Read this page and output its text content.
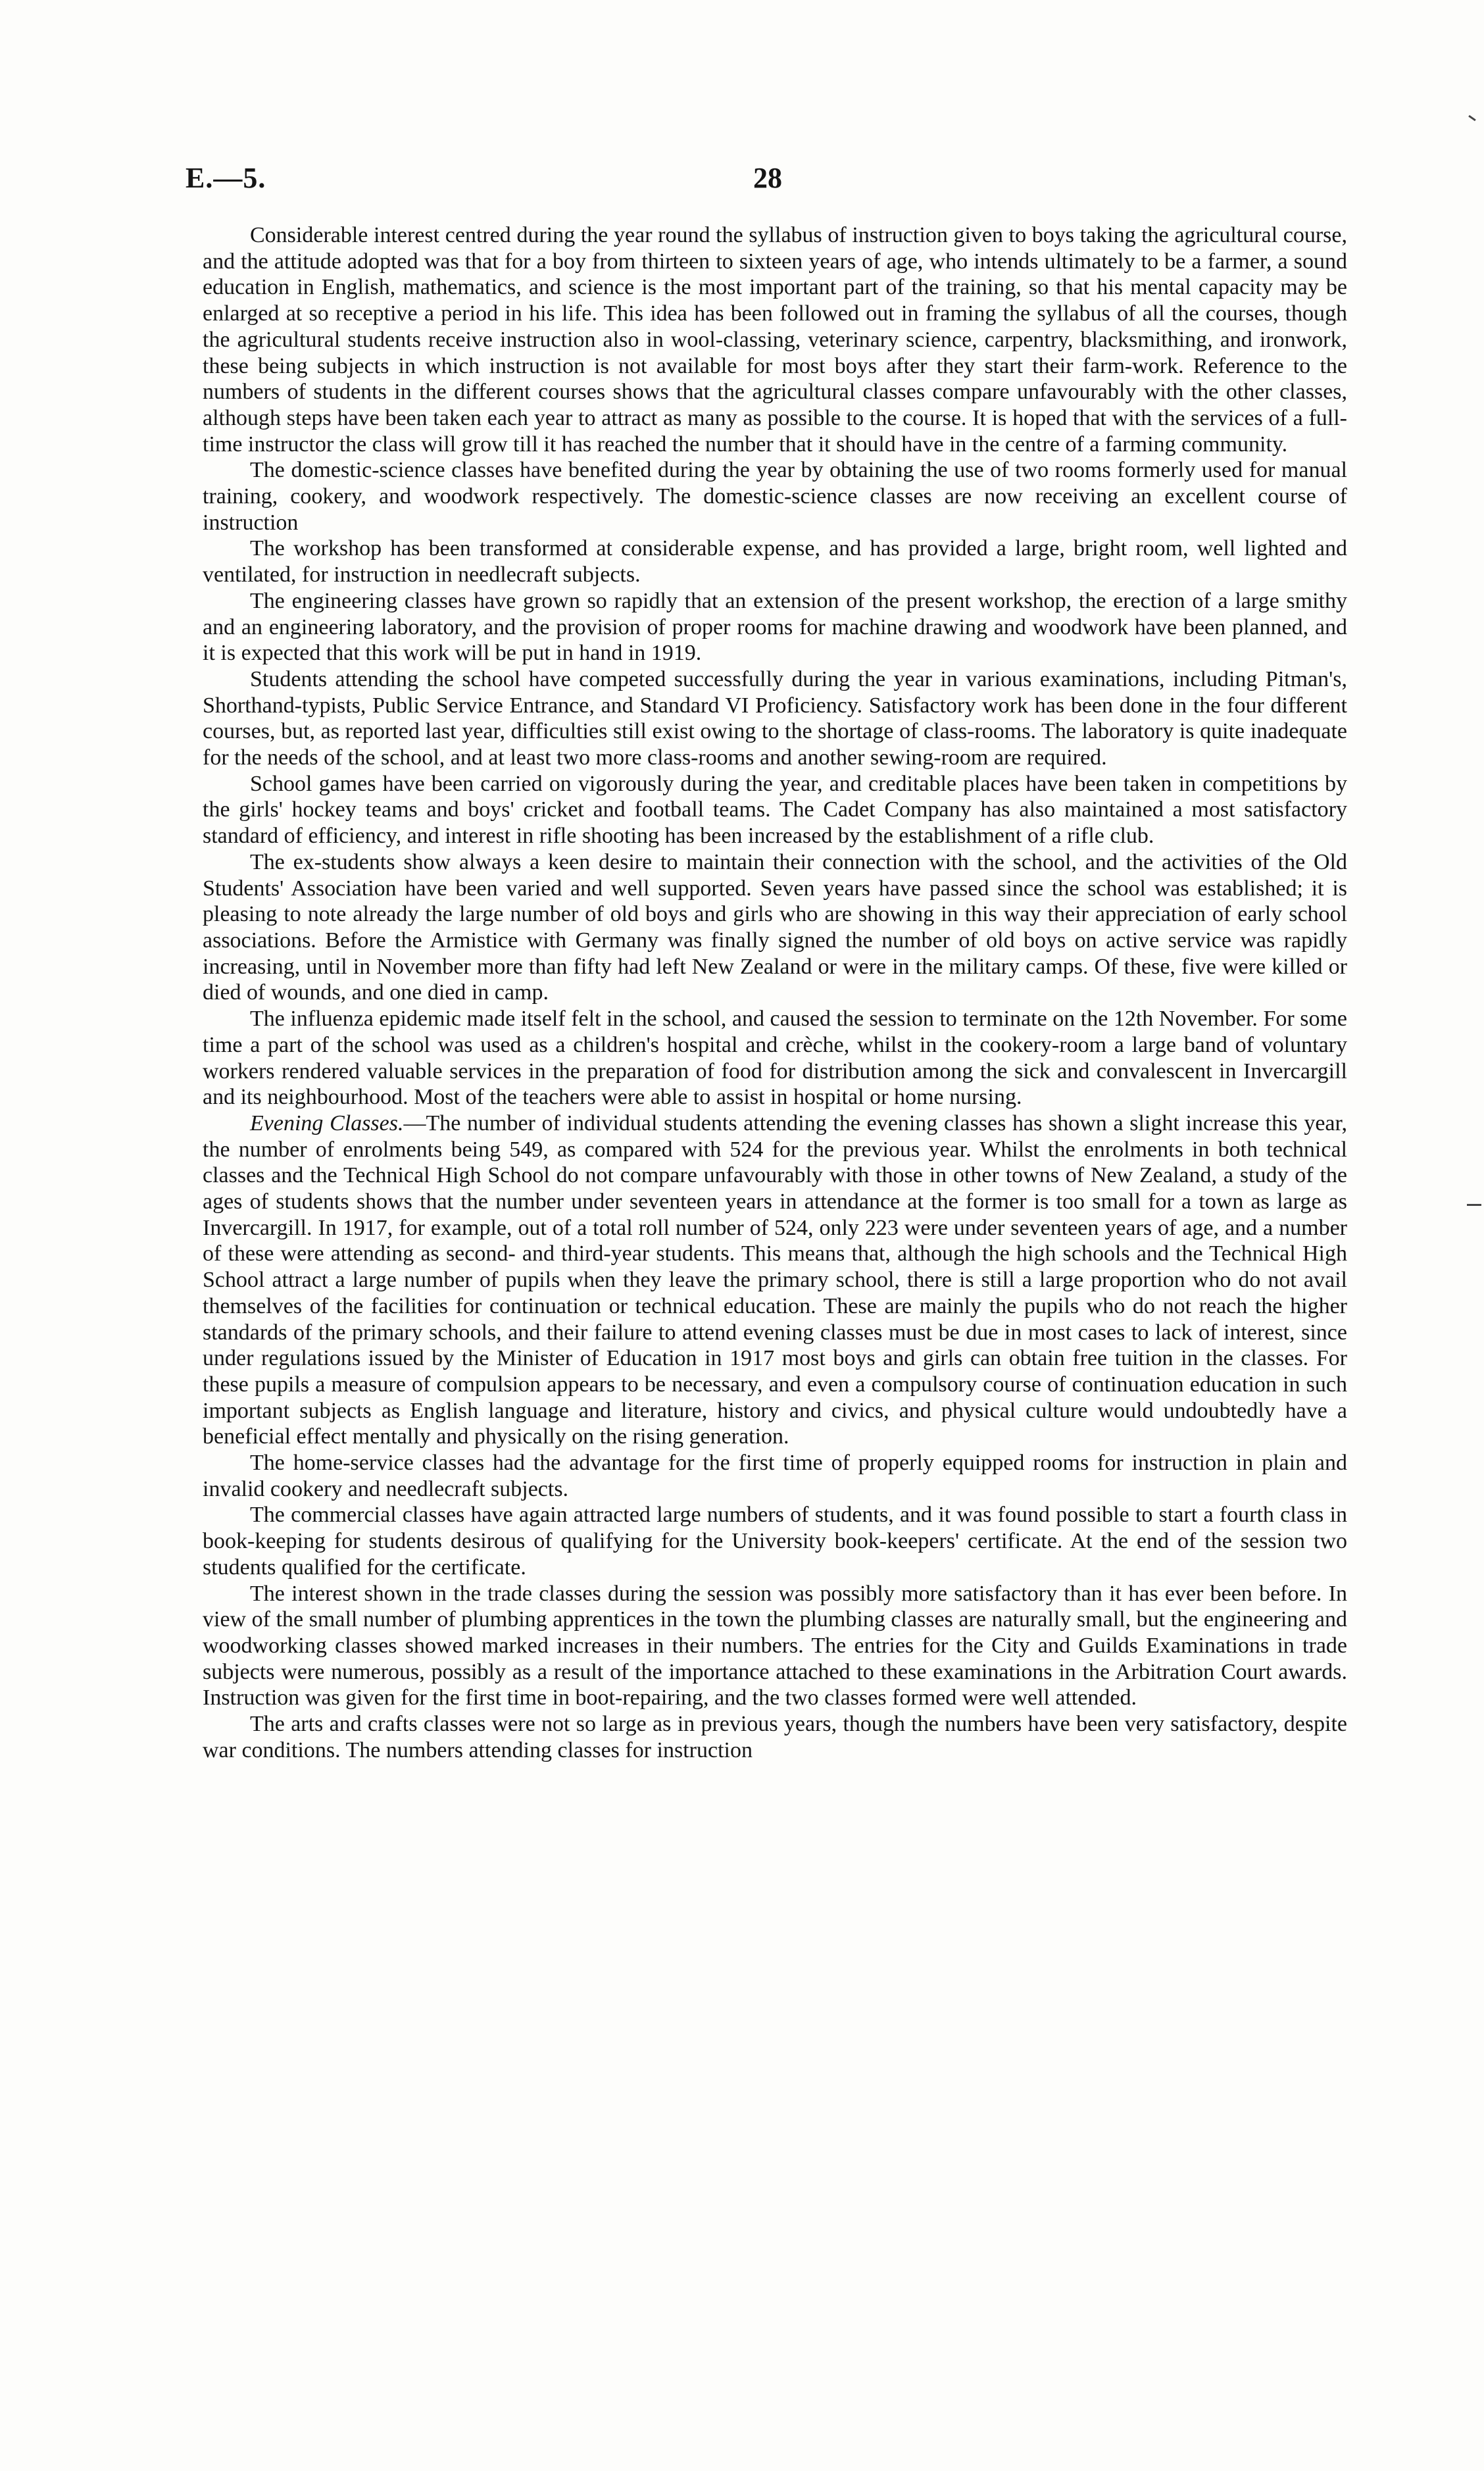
E.—5.	28

Considerable interest centred during the year round the syllabus of instruction given to boys taking the agricultural course, and the attitude adopted was that for a boy from thirteen to sixteen years of age, who intends ultimately to be a farmer, a sound education in English, mathematics, and science is the most important part of the training, so that his mental capacity may be enlarged at so receptive a period in his life. This idea has been followed out in framing the syllabus of all the courses, though the agricultural students receive instruction also in wool-classing, veterinary science, carpentry, blacksmithing, and ironwork, these being subjects in which instruction is not available for most boys after they start their farm-work. Reference to the numbers of students in the different courses shows that the agricultural classes compare unfavourably with the other classes, although steps have been taken each year to attract as many as possible to the course. It is hoped that with the services of a full-time instructor the class will grow till it has reached the number that it should have in the centre of a farming community.

The domestic-science classes have benefited during the year by obtaining the use of two rooms formerly used for manual training, cookery, and woodwork respectively. The domestic-science classes are now receiving an excellent course of instruction

The workshop has been transformed at considerable expense, and has provided a large, bright room, well lighted and ventilated, for instruction in needlecraft subjects.

The engineering classes have grown so rapidly that an extension of the present workshop, the erection of a large smithy and an engineering laboratory, and the provision of proper rooms for machine drawing and woodwork have been planned, and it is expected that this work will be put in hand in 1919.

Students attending the school have competed successfully during the year in various examinations, including Pitman's, Shorthand-typists, Public Service Entrance, and Standard VI Proficiency. Satisfactory work has been done in the four different courses, but, as reported last year, difficulties still exist owing to the shortage of class-rooms. The laboratory is quite inadequate for the needs of the school, and at least two more class-rooms and another sewing-room are required.

School games have been carried on vigorously during the year, and creditable places have been taken in competitions by the girls' hockey teams and boys' cricket and football teams. The Cadet Company has also maintained a most satisfactory standard of efficiency, and interest in rifle shooting has been increased by the establishment of a rifle club.

The ex-students show always a keen desire to maintain their connection with the school, and the activities of the Old Students' Association have been varied and well supported. Seven years have passed since the school was established; it is pleasing to note already the large number of old boys and girls who are showing in this way their appreciation of early school associations. Before the Armistice with Germany was finally signed the number of old boys on active service was rapidly increasing, until in November more than fifty had left New Zealand or were in the military camps. Of these, five were killed or died of wounds, and one died in camp.

The influenza epidemic made itself felt in the school, and caused the session to terminate on the 12th November. For some time a part of the school was used as a children's hospital and crèche, whilst in the cookery-room a large band of voluntary workers rendered valuable services in the preparation of food for distribution among the sick and convalescent in Invercargill and its neighbourhood. Most of the teachers were able to assist in hospital or home nursing.

Evening Classes.—The number of individual students attending the evening classes has shown a slight increase this year, the number of enrolments being 549, as compared with 524 for the previous year. Whilst the enrolments in both technical classes and the Technical High School do not compare unfavourably with those in other towns of New Zealand, a study of the ages of students shows that the number under seventeen years in attendance at the former is too small for a town as large as Invercargill. In 1917, for example, out of a total roll number of 524, only 223 were under seventeen years of age, and a number of these were attending as second- and third-year students. This means that, although the high schools and the Technical High School attract a large number of pupils when they leave the primary school, there is still a large proportion who do not avail themselves of the facilities for continuation or technical education. These are mainly the pupils who do not reach the higher standards of the primary schools, and their failure to attend evening classes must be due in most cases to lack of interest, since under regulations issued by the Minister of Education in 1917 most boys and girls can obtain free tuition in the classes. For these pupils a measure of compulsion appears to be necessary, and even a compulsory course of continuation education in such important subjects as English language and literature, history and civics, and physical culture would undoubtedly have a beneficial effect mentally and physically on the rising generation.

The home-service classes had the advantage for the first time of properly equipped rooms for instruction in plain and invalid cookery and needlecraft subjects.

The commercial classes have again attracted large numbers of students, and it was found possible to start a fourth class in book-keeping for students desirous of qualifying for the University book-keepers' certificate. At the end of the session two students qualified for the certificate.

The interest shown in the trade classes during the session was possibly more satisfactory than it has ever been before. In view of the small number of plumbing apprentices in the town the plumbing classes are naturally small, but the engineering and woodworking classes showed marked increases in their numbers. The entries for the City and Guilds Examinations in trade subjects were numerous, possibly as a result of the importance attached to these examinations in the Arbitration Court awards. Instruction was given for the first time in boot-repairing, and the two classes formed were well attended.

The arts and crafts classes were not so large as in previous years, though the numbers have been very satisfactory, despite war conditions. The numbers attending classes for instruction
